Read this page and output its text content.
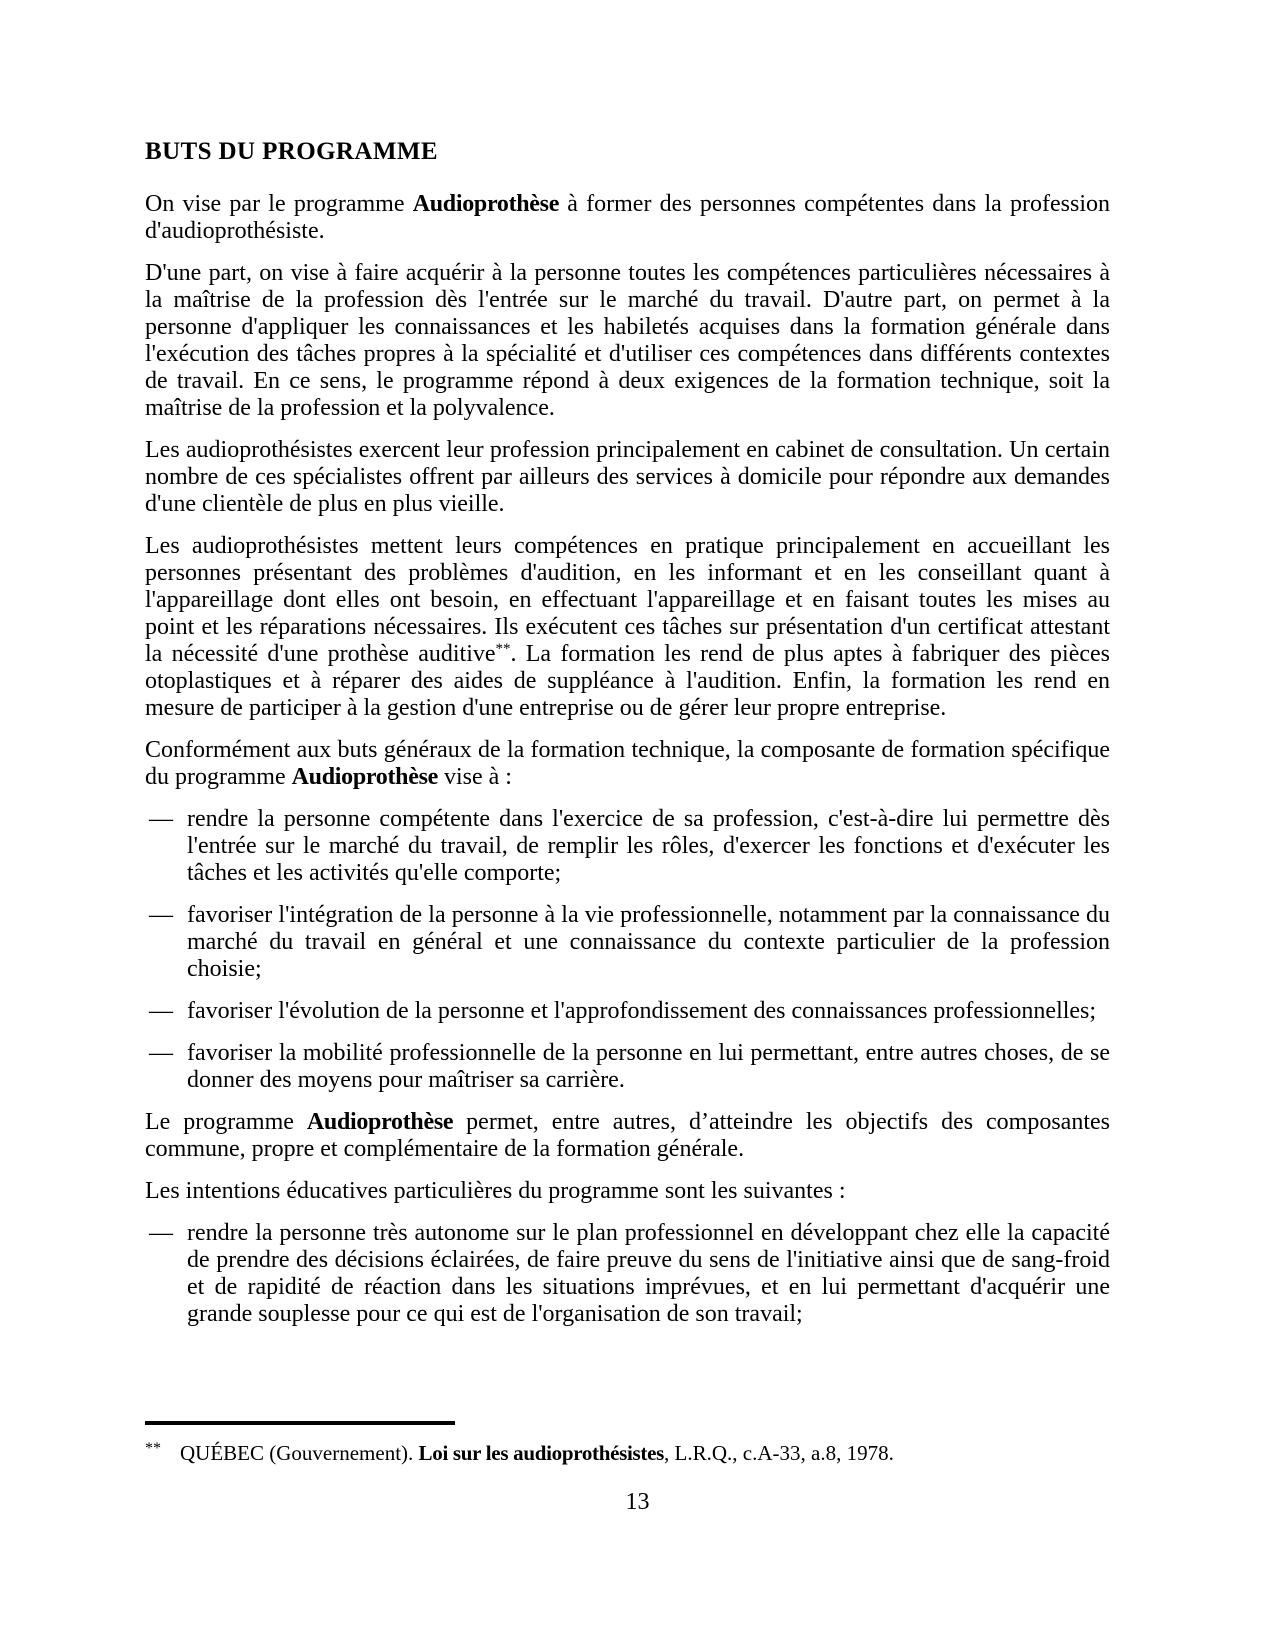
BUTS DU PROGRAMME

On vise par le programme Audioprothèse à former des personnes compétentes dans la profession d'audioprothésiste.

D'une part, on vise à faire acquérir à la personne toutes les compétences particulières nécessaires à la maîtrise de la profession dès l'entrée sur le marché du travail. D'autre part, on permet à la personne d'appliquer les connaissances et les habiletés acquises dans la formation générale dans l'exécution des tâches propres à la spécialité et d'utiliser ces compétences dans différents contextes de travail. En ce sens, le programme répond à deux exigences de la formation technique, soit la maîtrise de la profession et la polyvalence.

Les audioprothésistes exercent leur profession principalement en cabinet de consultation. Un certain nombre de ces spécialistes offrent par ailleurs des services à domicile pour répondre aux demandes d'une clientèle de plus en plus vieille.

Les audioprothésistes mettent leurs compétences en pratique principalement en accueillant les personnes présentant des problèmes d'audition, en les informant et en les conseillant quant à l'appareillage dont elles ont besoin, en effectuant l'appareillage et en faisant toutes les mises au point et les réparations nécessaires. Ils exécutent ces tâches sur présentation d'un certificat attestant la nécessité d'une prothèse auditive**. La formation les rend de plus aptes à fabriquer des pièces otoplastiques et à réparer des aides de suppléance à l'audition. Enfin, la formation les rend en mesure de participer à la gestion d'une entreprise ou de gérer leur propre entreprise.

Conformément aux buts généraux de la formation technique, la composante de formation spécifique du programme Audioprothèse vise à :

— rendre la personne compétente dans l'exercice de sa profession, c'est-à-dire lui permettre dès l'entrée sur le marché du travail, de remplir les rôles, d'exercer les fonctions et d'exécuter les tâches et les activités qu'elle comporte;
— favoriser l'intégration de la personne à la vie professionnelle, notamment par la connaissance du marché du travail en général et une connaissance du contexte particulier de la profession choisie;
— favoriser l'évolution de la personne et l'approfondissement des connaissances professionnelles;
— favoriser la mobilité professionnelle de la personne en lui permettant, entre autres choses, de se donner des moyens pour maîtriser sa carrière.

Le programme Audioprothèse permet, entre autres, d’atteindre les objectifs des composantes commune, propre et complémentaire de la formation générale.

Les intentions éducatives particulières du programme sont les suivantes :

— rendre la personne très autonome sur le plan professionnel en développant chez elle la capacité de prendre des décisions éclairées, de faire preuve du sens de l'initiative ainsi que de sang-froid et de rapidité de réaction dans les situations imprévues, et en lui permettant d'acquérir une grande souplesse pour ce qui est de l'organisation de son travail;
** QUÉBEC (Gouvernement). Loi sur les audioprothésistes, L.R.Q., c.A-33, a.8, 1978.
13
